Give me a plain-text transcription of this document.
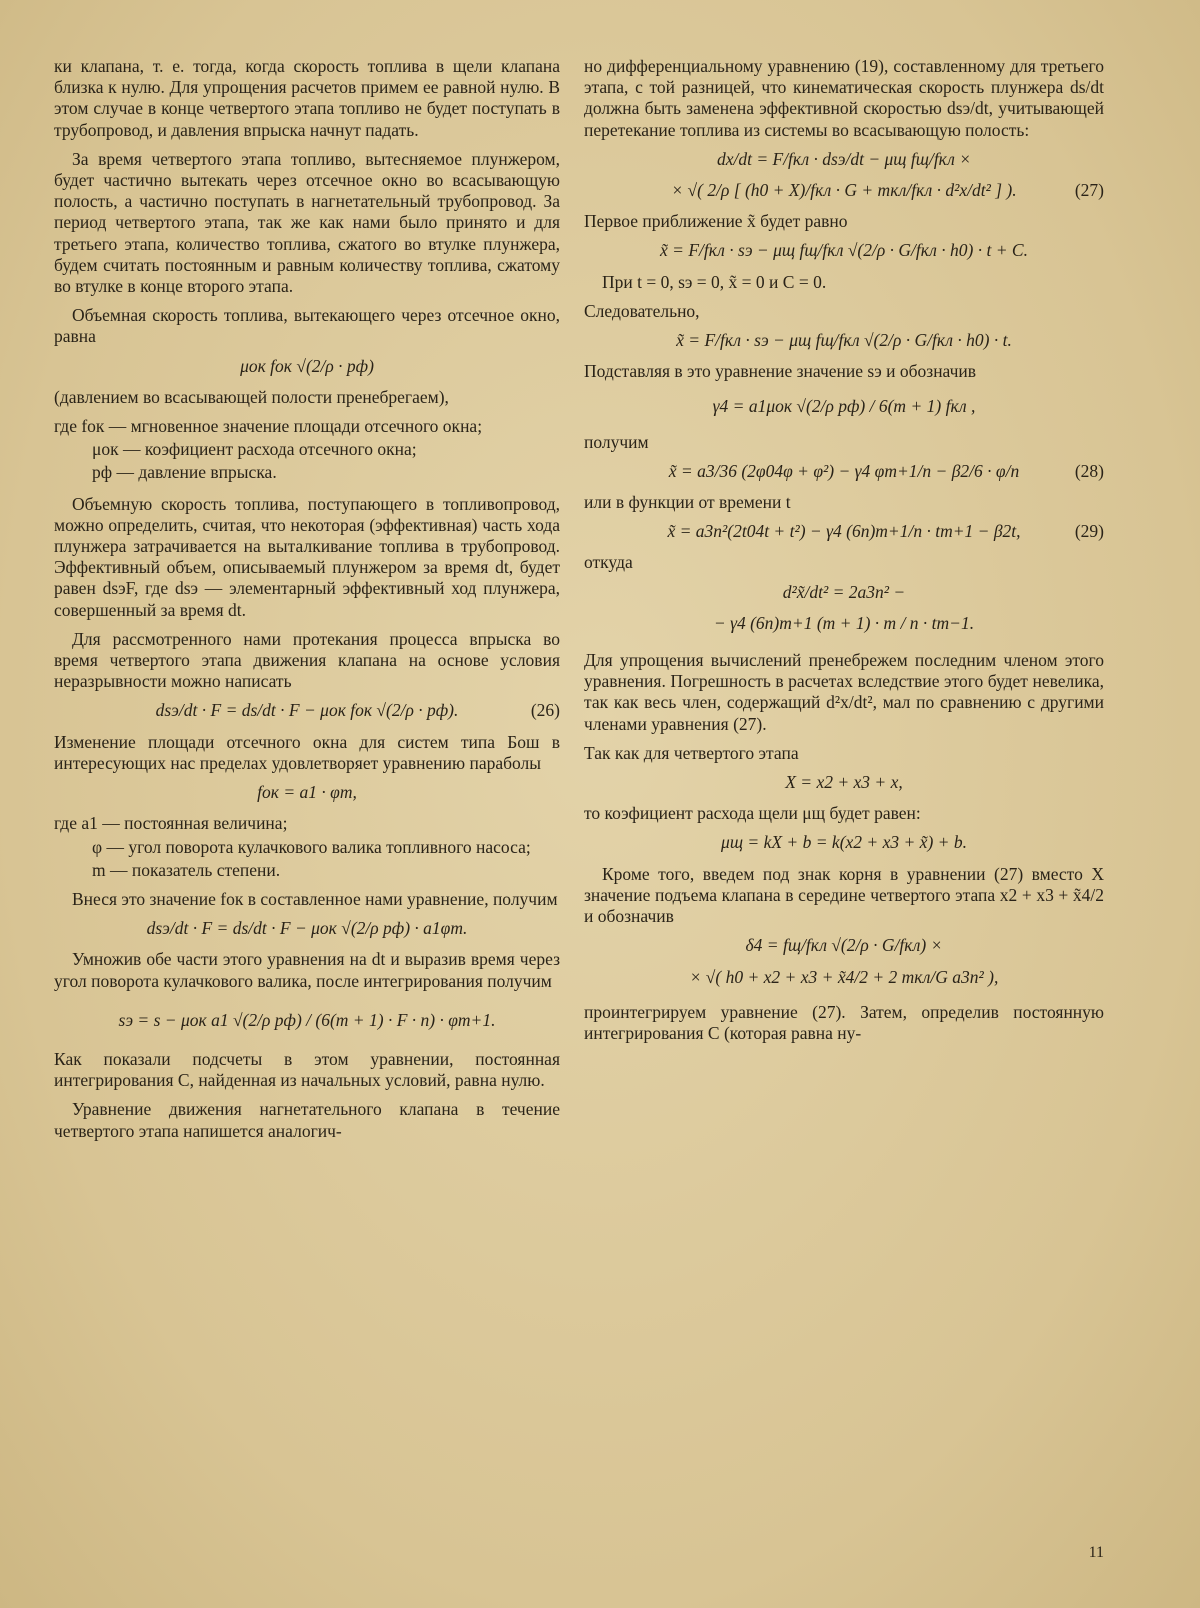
ки клапана, т. е. тогда, когда скорость топлива в щели клапана близка к нулю. Для упрощения расчетов примем ее равной нулю. В этом случае в конце четвертого этапа топливо не будет поступать в трубопровод, и давления впрыска начнут падать.

За время четвертого этапа топливо, вытесняемое плунжером, будет частично вытекать через отсечное окно во всасывающую полость, а частично поступать в нагнетательный трубопровод. За период четвертого этапа, так же как нами было принято и для третьего этапа, количество топлива, сжатого во втулке плунжера, будем считать постоянным и равным количеству топлива, сжатому во втулке в конце второго этапа.

Объемная скорость топлива, вытекающего через отсечное окно, равна

μок fок √(2/ρ · pф)

(давлением во всасывающей полости пренебрегаем),

где fок — мгновенное значение площади отсечного окна;
μок — коэфициент расхода отсечного окна;
pф — давление впрыска.

Объемную скорость топлива, поступающего в топливопровод, можно определить, считая, что некоторая (эффективная) часть хода плунжера затрачивается на выталкивание топлива в трубопровод. Эффективный объем, описываемый плунжером за время dt, будет равен dsэF, где dsэ — элементарный эффективный ход плунжера, совершенный за время dt.

Для рассмотренного нами протекания процесса впрыска во время четвертого этапа движения клапана на основе условия неразрывности можно написать

dsэ/dt · F = ds/dt · F − μок fок √(2/ρ · pф).	(26)

Изменение площади отсечного окна для систем типа Бош в интересующих нас пределах удовлетворяет уравнению параболы

fок = a1 · φm,
где a1 — постоянная величина;
φ — угол поворота кулачкового валика топливного насоса;
m — показатель степени.

Внеся это значение fок в составленное нами уравнение, получим

dsэ/dt · F = ds/dt · F − μок √(2/ρ pф) · a1φm.

Умножив обе части этого уравнения на dt и выразив время через угол поворота кулачкового валика, после интегрирования получим

sэ = s − μок a1 √(2/ρ pф) / (6(m + 1) · F · n) · φm+1.

Как показали подсчеты в этом уравнении, постоянная интегрирования C, найденная из начальных условий, равна нулю.

Уравнение движения нагнетательного клапана в течение четвертого этапа напишется аналогич-

но дифференциальному уравнению (19), составленному для третьего этапа, с той разницей, что кинематическая скорость плунжера ds/dt должна быть заменена эффективной скоростью dsэ/dt, учитывающей перетекание топлива из системы во всасывающую полость:

dx/dt = F/fкл · dsэ/dt − μщ fщ/fкл ×
× √( 2/ρ [ (h0 + X)/fкл · G + mкл/fкл · d²x/dt² ] ).	(27)

Первое приближение x̃ будет равно

x̃ = F/fкл · sэ − μщ fщ/fкл √(2/ρ · G/fкл · h0) · t + C.

При t = 0, sэ = 0, x̃ = 0 и C = 0.

Следовательно,

x̃ = F/fкл · sэ − μщ fщ/fкл √(2/ρ · G/fкл · h0) · t.

Подставляя в это уравнение значение sэ и обозначив

γ4 = a1μок √(2/ρ pф) / 6(m + 1) fкл ,

получим

x̃ = a3/36 (2φ04φ + φ²) − γ4 φm+1/n − β2/6 · φ/n	(28)

или в функции от времени t

x̃ = a3n²(2t04t + t²) − γ4 (6n)m+1/n · tm+1 − β2t,	(29)

откуда

d²x̃/dt² = 2a3n² −
− γ4 (6n)m+1 (m + 1) · m / n · tm−1.

Для упрощения вычислений пренебрежем последним членом этого уравнения. Погрешность в расчетах вследствие этого будет невелика, так как весь член, содержащий d²x/dt², мал по сравнению с другими членами уравнения (27).

Так как для четвертого этапа

X = x2 + x3 + x,

то коэфициент расхода щели μщ будет равен:

μщ = kX + b = k(x2 + x3 + x̃) + b.

Кроме того, введем под знак корня в уравнении (27) вместо X значение подъема клапана в середине четвертого этапа x2 + x3 + x̃4/2 и обозначив

δ4 = fщ/fкл √(2/ρ · G/fкл) ×
× √( h0 + x2 + x3 + x̃4/2 + 2 mкл/G a3n² ),

проинтегрируем уравнение (27). Затем, определив постоянную интегрирования C (которая равна ну-

11
